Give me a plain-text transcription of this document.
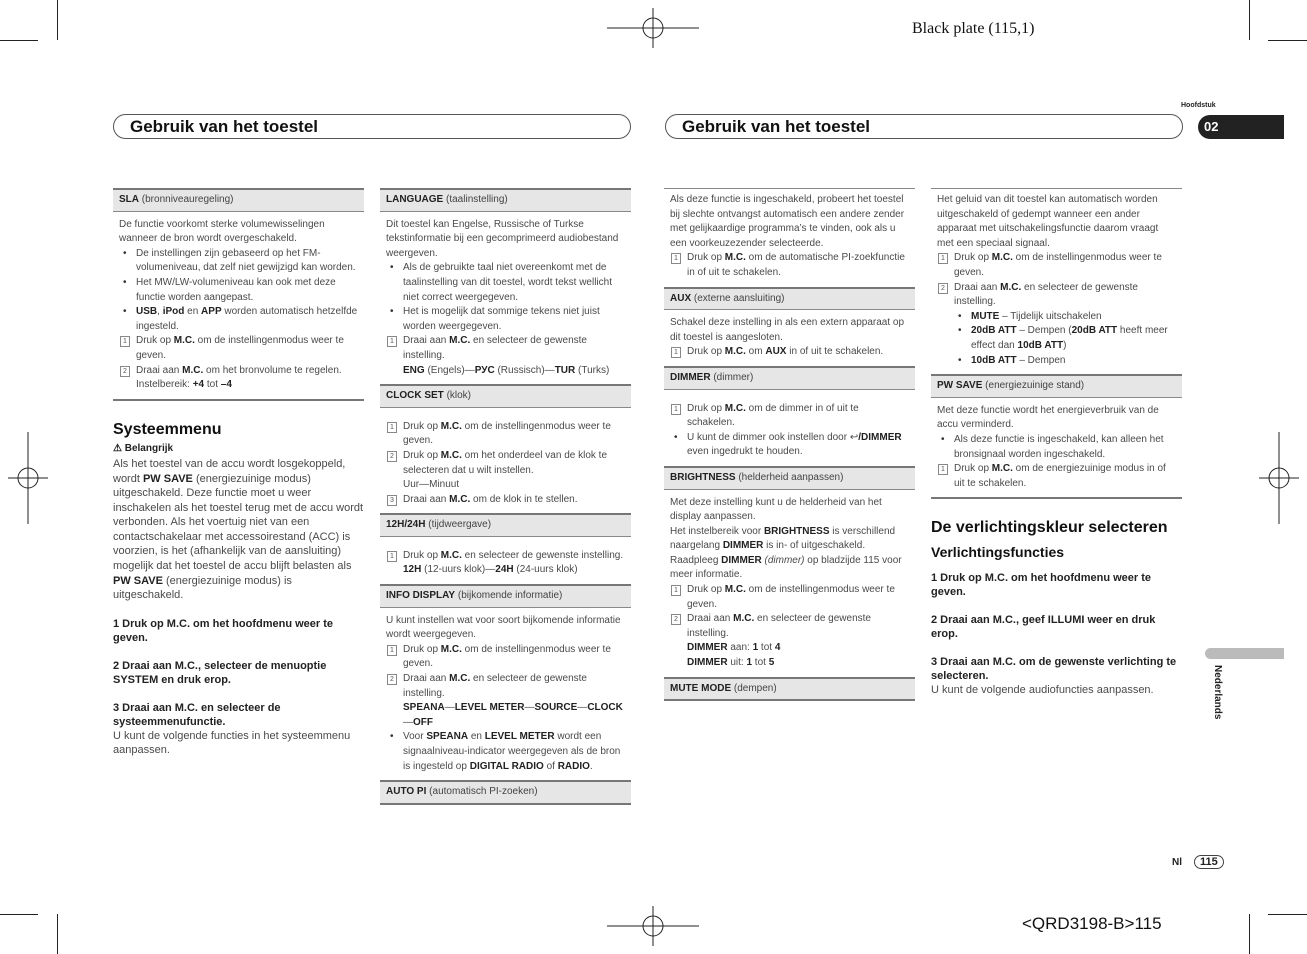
Black plate (115,1)
<QRD3198-B>115
Gebruik van het toestel	Gebruik van het toestel
Hoofdstuk
02
Nederlands
Nl 115
SLA (bronniveauregeling)

De functie voorkomt sterke volumewisselingen wanneer de bron wordt overgeschakeld.

• De instellingen zijn gebaseerd op het FM-volumeniveau, dat zelf niet gewijzigd kan worden.
• Het MW/LW-volumeniveau kan ook met deze functie worden aangepast.
• USB, iPod en APP worden automatisch hetzelfde ingesteld.
1 Druk op M.C. om de instellingenmodus weer te geven.
2 Draai aan M.C. om het bronvolume te regelen.
Instelbereik: +4 tot –4
Systeemmenu
⚠ Belangrijk
Als het toestel van de accu wordt losgekoppeld, wordt PW SAVE (energiezuinige modus) uitgeschakeld. Deze functie moet u weer inschakelen als het toestel terug met de accu wordt verbonden. Als het voertuig niet van een contactschakelaar met accessoirestand (ACC) is voorzien, is het (afhankelijk van de aansluiting) mogelijk dat het toestel de accu blijft belasten als PW SAVE (energiezuinige modus) is uitgeschakeld.
1 Druk op M.C. om het hoofdmenu weer te geven.
2 Draai aan M.C., selecteer de menuoptie SYSTEM en druk erop.
3 Draai aan M.C. en selecteer de systeemmenufunctie.
U kunt de volgende functies in het systeemmenu aanpassen.
LANGUAGE (taalinstelling)

Dit toestel kan Engelse, Russische of Turkse tekstinformatie bij een gecomprimeerd audiobestand weergeven.

• Als de gebruikte taal niet overeenkomt met de taalinstelling van dit toestel, wordt tekst wellicht niet correct weergegeven.
• Het is mogelijk dat sommige tekens niet juist worden weergegeven.
1 Draai aan M.C. en selecteer de gewenste instelling.
ENG (Engels)—РУС (Russisch)—TUR (Turks)
CLOCK SET (klok)
1 Druk op M.C. om de instellingenmodus weer te geven.
2 Druk op M.C. om het onderdeel van de klok te selecteren dat u wilt instellen.
Uur—Minuut
3 Draai aan M.C. om de klok in te stellen.
12H/24H (tijdweergave)
1 Druk op M.C. en selecteer de gewenste instelling.
12H (12-uurs klok)—24H (24-uurs klok)
INFO DISPLAY (bijkomende informatie)

U kunt instellen wat voor soort bijkomende informatie wordt weergegeven.

1 Druk op M.C. om de instellingenmodus weer te geven.
2 Draai aan M.C. en selecteer de gewenste instelling.
SPEANA—LEVEL METER—SOURCE—CLOCK
—OFF
• Voor SPEANA en LEVEL METER wordt een signaalniveau-indicator weergegeven als de bron is ingesteld op DIGITAL RADIO of RADIO.
AUTO PI (automatisch PI-zoeken)

Als deze functie is ingeschakeld, probeert het toestel bij slechte ontvangst automatisch een andere zender met gelijkaardige programma’s te vinden, ook als u een voorkeuzezender selecteerde.

1 Druk op M.C. om de automatische PI-zoekfunctie in of uit te schakelen.
AUX (externe aansluiting)

Schakel deze instelling in als een extern apparaat op dit toestel is aangesloten.

1 Druk op M.C. om AUX in of uit te schakelen.
DIMMER (dimmer)
1 Druk op M.C. om de dimmer in of uit te schakelen.
• U kunt de dimmer ook instellen door ↩/DIMMER even ingedrukt te houden.
BRIGHTNESS (helderheid aanpassen)

Met deze instelling kunt u de helderheid van het display aanpassen.

Het instelbereik voor BRIGHTNESS is verschillend naargelang DIMMER is in- of uitgeschakeld.

Raadpleeg DIMMER (dimmer) op bladzijde 115 voor meer informatie.

1 Druk op M.C. om de instellingenmodus weer te geven.
2 Draai aan M.C. en selecteer de gewenste instelling.
DIMMER aan: 1 tot 4
DIMMER uit: 1 tot 5
MUTE MODE (dempen)

Het geluid van dit toestel kan automatisch worden uitgeschakeld of gedempt wanneer een ander apparaat met uitschakelingsfunctie daarom vraagt met een speciaal signaal.

1 Druk op M.C. om de instellingenmodus weer te geven.
2 Draai aan M.C. en selecteer de gewenste instelling.
• MUTE – Tijdelijk uitschakelen
• 20dB ATT – Dempen (20dB ATT heeft meer effect dan 10dB ATT)
• 10dB ATT – Dempen
PW SAVE (energiezuinige stand)

Met deze functie wordt het energieverbruik van de accu verminderd.

• Als deze functie is ingeschakeld, kan alleen het bronsignaal worden ingeschakeld.
1 Druk op M.C. om de energiezuinige modus in of uit te schakelen.
De verlichtingskleur selecteren
Verlichtingsfuncties
1 Druk op M.C. om het hoofdmenu weer te geven.
2 Draai aan M.C., geef ILLUMI weer en druk erop.
3 Draai aan M.C. om de gewenste verlichting te selecteren.
U kunt de volgende audiofuncties aanpassen.
